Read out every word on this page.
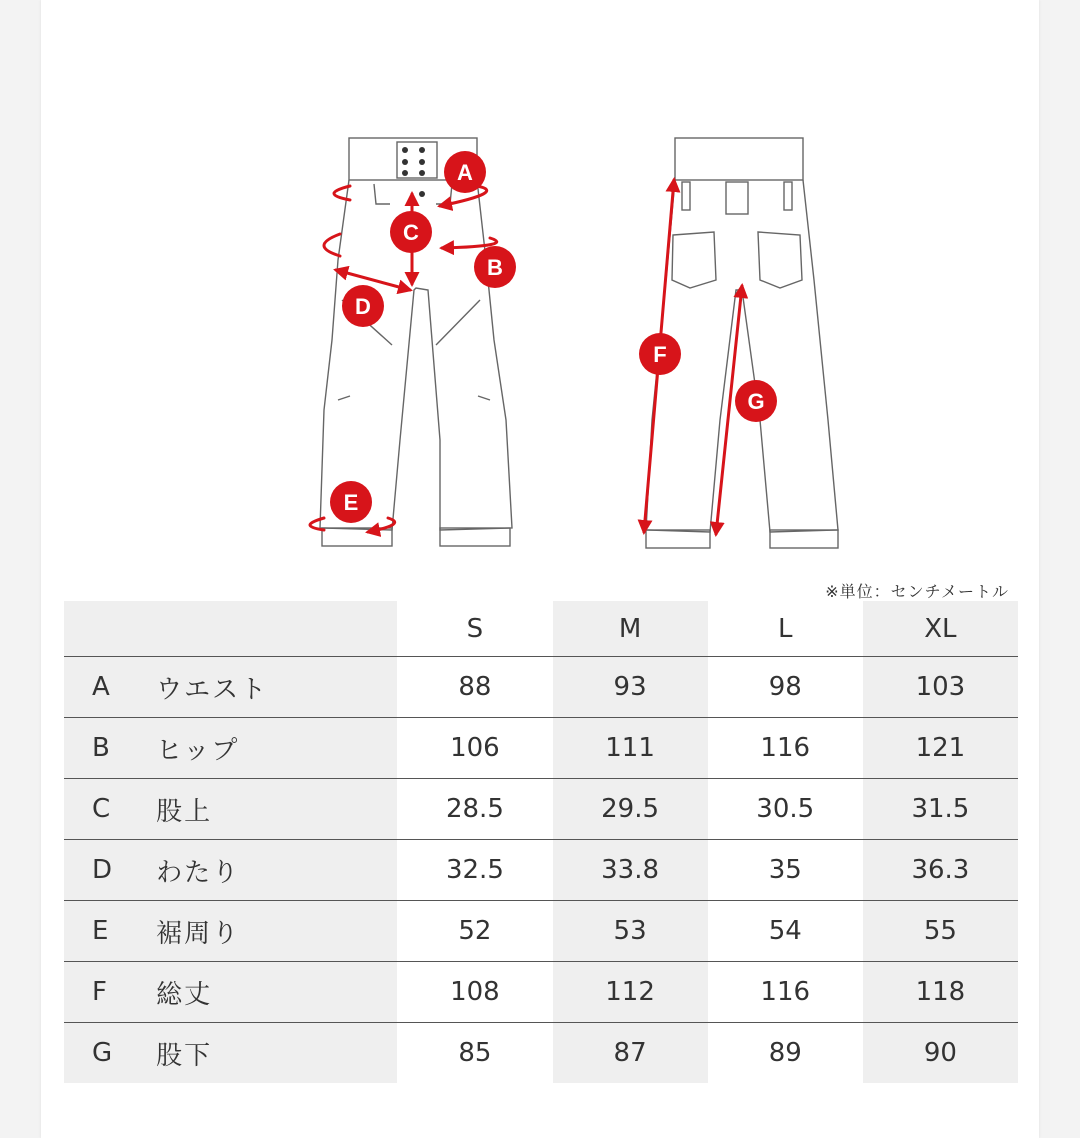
A
B
C
D
E
F
G
※単位：センチメートル
		S	M	L	XL
A	ウエスト	88	93	98	103
B	ヒップ	106	111	116	121
C	股上	28.5	29.5	30.5	31.5
D	わたり	32.5	33.8	35	36.3
E	裾周り	52	53	54	55
F	総丈	108	112	116	118
G	股下	85	87	89	90
